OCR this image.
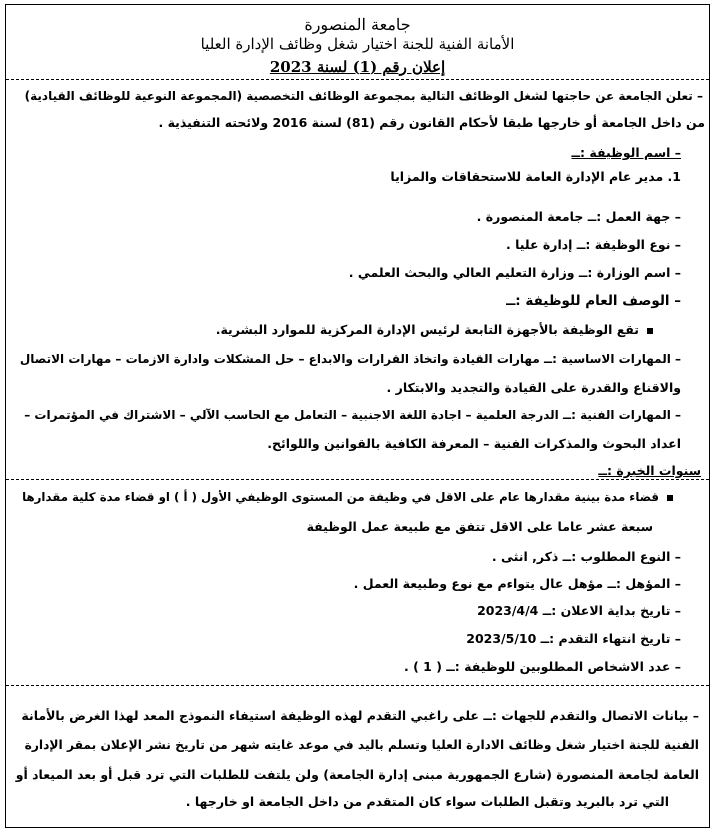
جامعة المنصورة
الأمانة الفنية للجنة اختيار شغل وظائف الإدارة العليا
إعلان رقم (1) لسنة 2023
– تعلن الجامعة عن حاجتها لشغل الوظائف التالية بمجموعة الوظائف التخصصية (المجموعة النوعية للوظائف القيادية)
من داخل الجامعة أو خارجها طبقا لأحكام القانون رقم (81) لسنة 2016 ولائحته التنفيذية .
– اسم الوظيفة :ــ
1. مدير عام الإدارة العامة للاستحقاقات والمزايا
– جهة العمل :ــ جامعة المنصورة .
– نوع الوظيفة :ــ إدارة عليا .
– اسم الوزارة :ــ وزارة التعليم العالي والبحث العلمي .
– الوصف العام للوظيفة :ــ
تقع الوظيفة بالأجهزة التابعة لرئيس الإدارة المركزية للموارد البشرية.
– المهارات الاساسية :ــ مهارات القيادة واتخاذ القرارات والابداع – حل المشكلات وادارة الازمات – مهارات الاتصال
والاقناع والقدرة على القيادة والتجديد والابتكار .
– المهارات الفنية :ــ الدرجة العلمية – اجادة اللغة الاجنبية – التعامل مع الحاسب الآلي – الاشتراك في المؤتمرات –
اعداد البحوث والمذكرات الفنية – المعرفة الكافية بالقوانين واللوائح.
سنوات الخبرة :ــ
قضاء مدة بينية مقدارها عام على الاقل في وظيفة من المستوى الوظيفي الأول ( أ ) او قضاء مدة كلية مقدارها
سبعة عشر عاما على الاقل تتفق مع طبيعة عمل الوظيفة
– النوع المطلوب :ــ ذكر, انثى .
– المؤهل :ــ مؤهل عال يتواءم مع نوع وطبيعة العمل .
– تاريخ بداية الاعلان :ــ 2023/4/4
– تاريخ انتهاء التقدم :ــ 2023/5/10
– عدد الاشخاص المطلوبين للوظيفة :ــ ( 1 ) .
– بيانات الاتصال والتقدم للجهات :ــ على راغبي التقدم لهذه الوظيفة استيفاء النموذج المعد لهذا الغرض بالأمانة
الفنية للجنة اختيار شغل وظائف الادارة العليا وتسلم باليد في موعد غايته شهر من تاريخ نشر الإعلان بمقر الإدارة
العامة لجامعة المنصورة (شارع الجمهورية مبنى إدارة الجامعة) ولن يلتفت للطلبات التي ترد قبل أو بعد الميعاد أو
التي ترد بالبريد وتقبل الطلبات سواء كان المتقدم من داخل الجامعة او خارجها .
